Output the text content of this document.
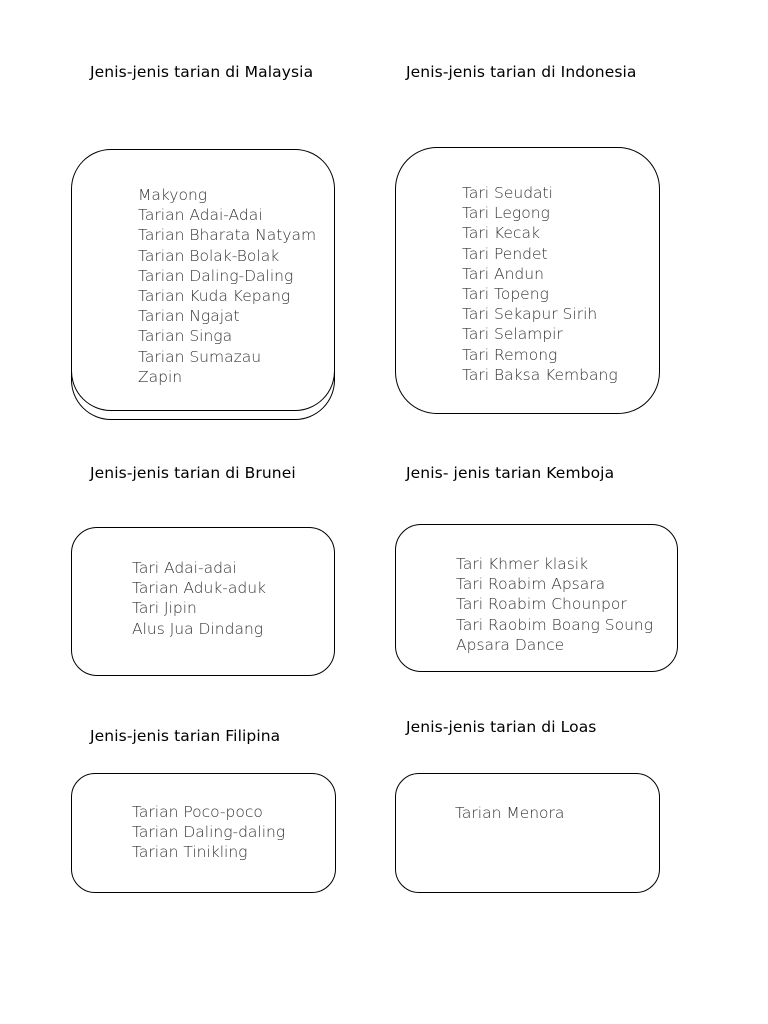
Jenis-jenis tarian di Malaysia

Makyong
Tarian Adai-Adai
Tarian Bharata Natyam
Tarian Bolak-Bolak
Tarian Daling-Daling
Tarian Kuda Kepang
Tarian Ngajat
Tarian Singa
Tarian Sumazau
Zapin

Jenis-jenis tarian di Indonesia

Tari Seudati
Tari Legong
Tari Kecak
Tari Pendet
Tari Andun
Tari Topeng
Tari Sekapur Sirih
Tari Selampir
Tari Remong
Tari Baksa Kembang

Jenis-jenis tarian di Brunei

Tari Adai-adai
Tarian Aduk-aduk
Tari Jipin
Alus Jua Dindang

Jenis- jenis tarian Kemboja

Tari Khmer klasik
Tari Roabim Apsara
Tari Roabim Chounpor
Tari Raobim Boang Soung
Apsara Dance

Jenis-jenis tarian Filipina

Tarian Poco-poco
Tarian Daling-daling
Tarian Tinikling

Jenis-jenis tarian di Loas

Tarian Menora
